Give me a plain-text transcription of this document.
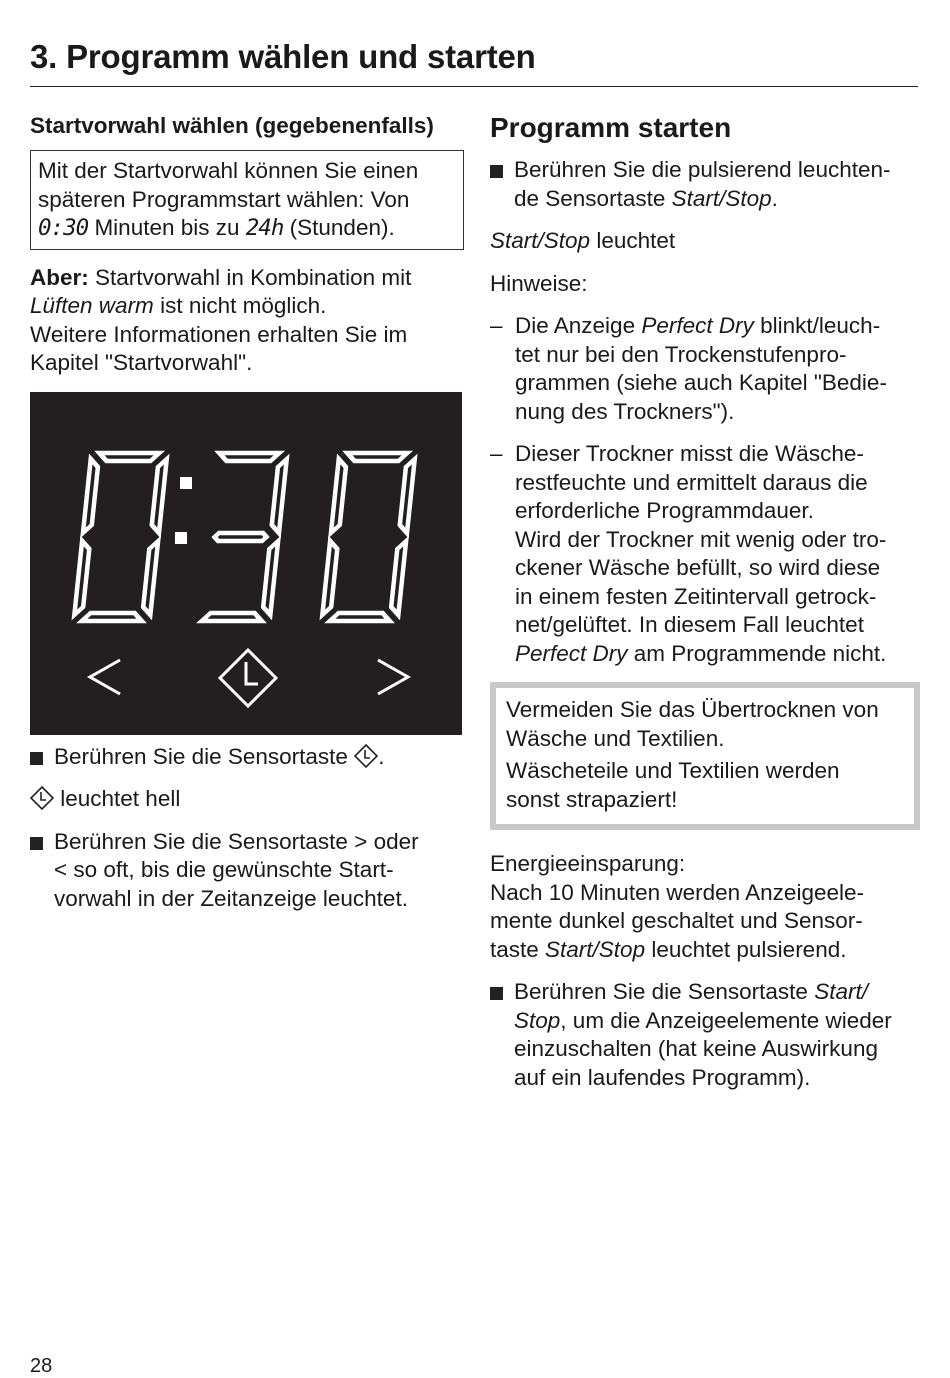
3. Programm wählen und starten
Startvorwahl wählen (gegebenenfalls)
Mit der Startvorwahl können Sie einen
späteren Programmstart wählen: Von
0:30 Minuten bis zu 24h (Stunden).
Aber: Startvorwahl in Kombination mit
Lüften warm ist nicht möglich.
Weitere Informationen erhalten Sie im
Kapitel "Startvorwahl".
Berühren Sie die Sensortaste .
leuchtet hell
Berühren Sie die Sensortaste > oder
< so oft, bis die gewünschte Start-
vorwahl in der Zeitanzeige leuchtet.
Programm starten
Berühren Sie die pulsierend leuchten-
de Sensortaste Start/Stop.
Start/Stop leuchtet
Hinweise:
– Die Anzeige Perfect Dry blinkt/leuch-
tet nur bei den Trockenstufenpro-
grammen (siehe auch Kapitel "Bedie-
nung des Trockners").
– Dieser Trockner misst die Wäsche-
restfeuchte und ermittelt daraus die
erforderliche Programmdauer.
Wird der Trockner mit wenig oder tro-
ckener Wäsche befüllt, so wird diese
in einem festen Zeitintervall getrock-
net/gelüftet. In diesem Fall leuchtet
Perfect Dry am Programmende nicht.
Vermeiden Sie das Übertrocknen von
Wäsche und Textilien.
Wäscheteile und Textilien werden
sonst strapaziert!
Energieeinsparung:
Nach 10 Minuten werden Anzeigeele-
mente dunkel geschaltet und Sensor-
taste Start/Stop leuchtet pulsierend.
Berühren Sie die Sensortaste Start/
Stop, um die Anzeigeelemente wieder
einzuschalten (hat keine Auswirkung
auf ein laufendes Programm).
28
